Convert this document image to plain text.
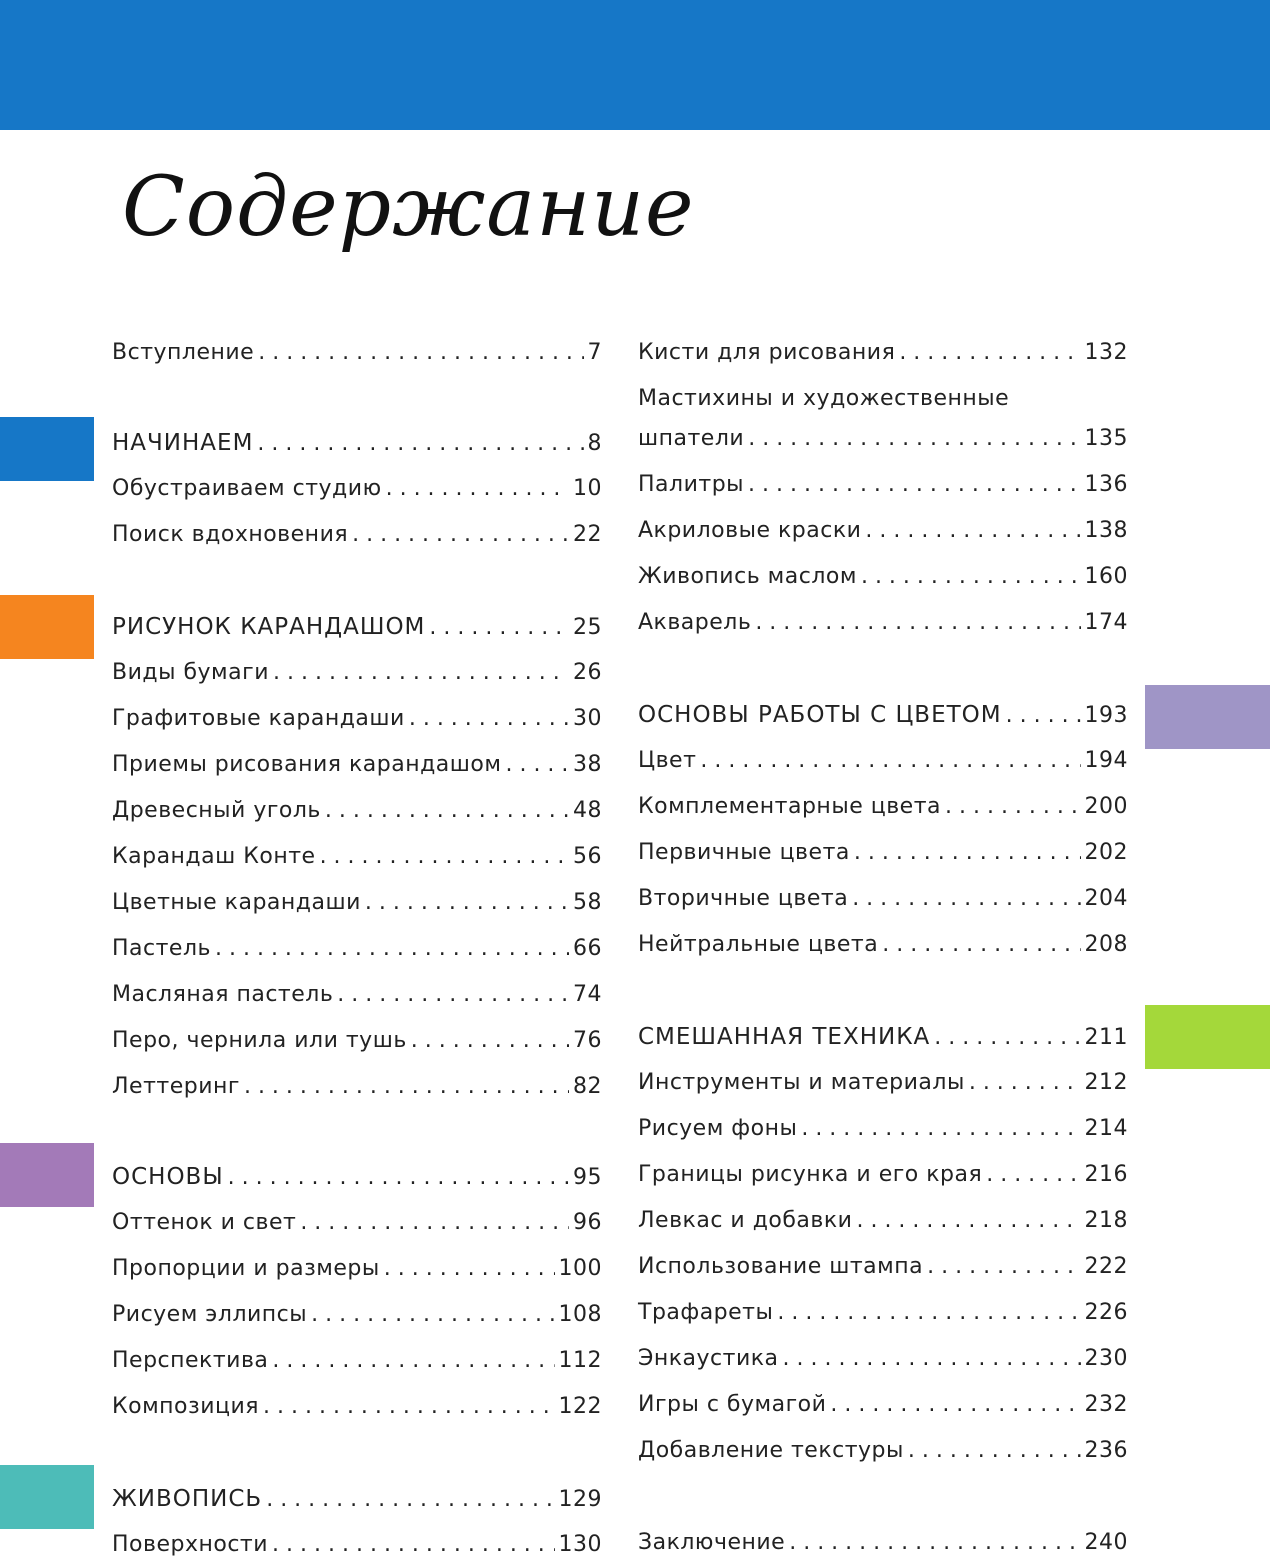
Содержание
Вступление . . .	7
НАЧИНАЕМ . . .	8
Обустраиваем студию . . .	10
Поиск вдохновения . . .	22
РИСУНОК КАРАНДАШОМ . . .	25
Виды бумаги . . .	26
Графитовые карандаши . . .	30
Приемы рисования карандашом . . .	38
Древесный уголь . . .	48
Карандаш Конте . . .	56
Цветные карандаши . . .	58
Пастель . . .	66
Масляная пастель . . .	74
Перо, чернила или тушь . . .	76
Леттеринг . . .	82
ОСНОВЫ . . .	95
Оттенок и свет . . .	96
Пропорции и размеры . . .	100
Рисуем эллипсы . . .	108
Перспектива . . .	112
Композиция . . .	122
ЖИВОПИСЬ . . .	129
Поверхности . . .	130
Кисти для рисования . . .	132
Мастихины и художественные
шпатели . . .	135
Палитры . . .	136
Акриловые краски . . .	138
Живопись маслом . . .	160
Акварель . . .	174
ОСНОВЫ РАБОТЫ С ЦВЕТОМ . . .	193
Цвет . . .	194
Комплементарные цвета . . .	200
Первичные цвета . . .	202
Вторичные цвета . . .	204
Нейтральные цвета . . .	208
СМЕШАННАЯ ТЕХНИКА . . .	211
Инструменты и материалы . . .	212
Рисуем фоны . . .	214
Границы рисунка и его края . . .	216
Левкас и добавки . . .	218
Использование штампа . . .	222
Трафареты . . .	226
Энкаустика . . .	230
Игры с бумагой . . .	232
Добавление текстуры . . .	236
Заключение . . .	240
